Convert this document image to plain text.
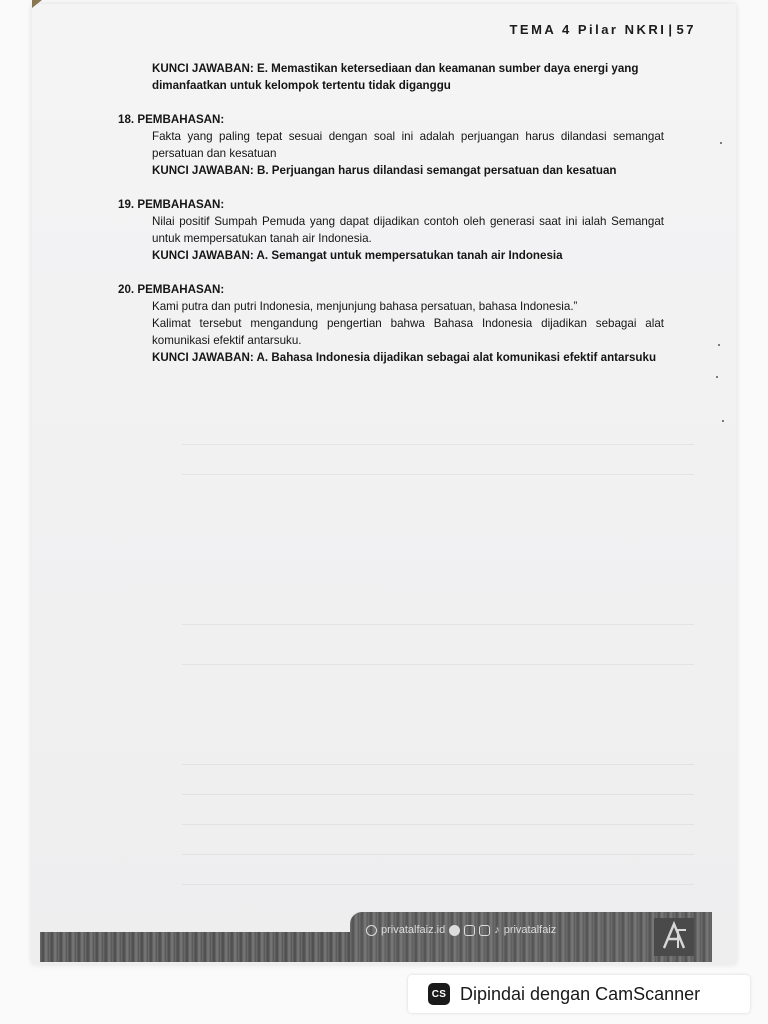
TEMA 4 Pilar NKRI | 57
KUNCI JAWABAN: E. Memastikan ketersediaan dan keamanan sumber daya energi yang dimanfaatkan untuk kelompok tertentu tidak diganggu
18. PEMBAHASAN:
Fakta yang paling tepat sesuai dengan soal ini adalah perjuangan harus dilandasi semangat persatuan dan kesatuan
KUNCI JAWABAN: B. Perjuangan harus dilandasi semangat persatuan dan kesatuan
19. PEMBAHASAN:
Nilai positif Sumpah Pemuda yang dapat dijadikan contoh oleh generasi saat ini ialah Semangat untuk mempersatukan tanah air Indonesia.
KUNCI JAWABAN: A. Semangat untuk mempersatukan tanah air Indonesia
20. PEMBAHASAN:
Kami putra dan putri Indonesia, menjunjung bahasa persatuan, bahasa Indonesia.”
Kalimat tersebut mengandung pengertian bahwa Bahasa Indonesia dijadikan sebagai alat komunikasi efektif antarsuku.
KUNCI JAWABAN: A. Bahasa Indonesia dijadikan sebagai alat komunikasi efektif antarsuku
privatalfaiz.id	♪ privatalfaiz
CS Dipindai dengan CamScanner
